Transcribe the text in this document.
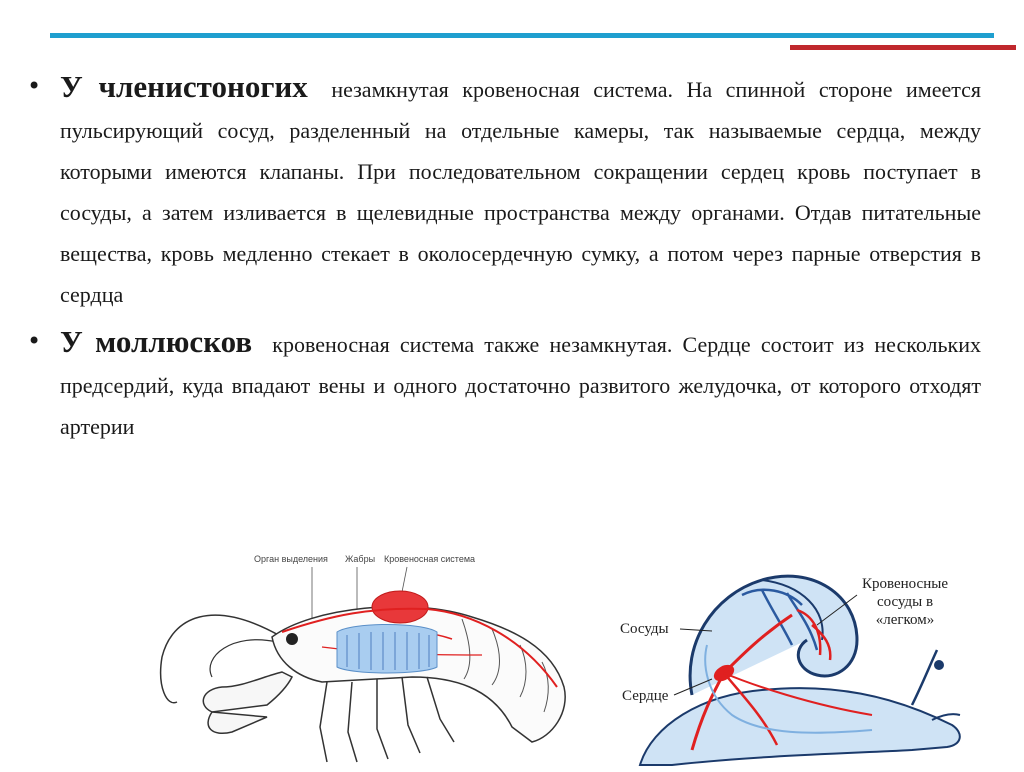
• У членистоногих незамкнутая кровеносная система. На спинной стороне имеется пульсирующий сосуд, разделенный на отдельные камеры, так называемые сердца, между которыми имеются клапаны. При последовательном сокращении сердец кровь поступает в сосуды, а затем изливается в щелевидные пространства между органами. Отдав питательные вещества, кровь медленно стекает в околосердечную сумку, а потом через парные отверстия в сердца
• У моллюсков кровеносная система также незамкнутая. Сердце состоит из нескольких предсердий, куда впадают вены и одного достаточно развитого желудочка, от которого отходят артерии
Орган выделения Жабры Кровеносная система
Сосуды
Сердце
Кровеносные
сосуды в
«легком»
